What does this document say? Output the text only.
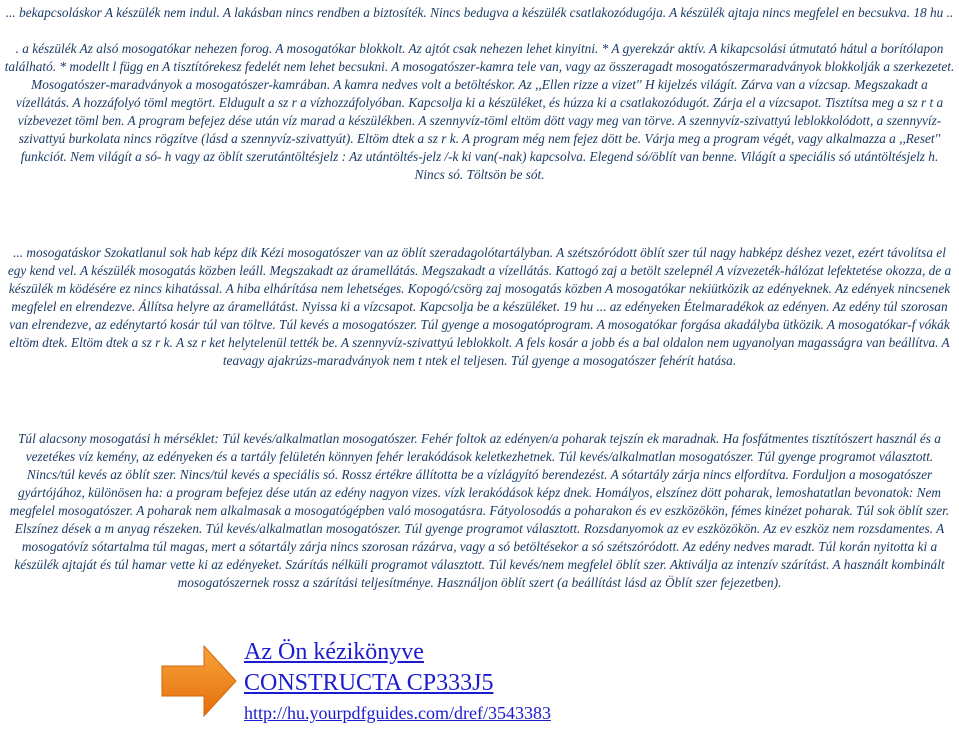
... bekapcsoláskor A készülék nem indul. A lakásban nincs rendben a biztosíték. Nincs bedugva a készülék csatlakozódugója. A készülék ajtaja nincs megfelel en becsukva. 18 hu ..

. a készülék Az alsó mosogatókar nehezen forog. A mosogatókar blokkolt. Az ajtót csak nehezen lehet kinyitni. * A gyerekzár aktív. A kikapcsolási útmutató hátul a borítólapon található. * modellt l függ en A tisztítórekesz fedelét nem lehet becsukni. A mosogatószer-kamra tele van, vagy az összeragadt mosogatószermaradványok blokkolják a szerkezetet. Mosogatószer-maradványok a mosogatószer-kamrában. A kamra nedves volt a betöltéskor. Az ,,Ellen rizze a vizet'' H kijelzés világít. Zárva van a vízcsap. Megszakadt a vízellátás. A hozzáfolyó töml megtört. Eldugult a sz r a vízhozzáfolyóban. Kapcsolja ki a készüléket, és húzza ki a csatlakozódugót. Zárja el a vízcsapot. Tisztítsa meg a sz r t a vízbevezet töml ben. A program befejez dése után víz marad a készülékben. A szennyvíz-töml eltöm dött vagy meg van törve. A szennyvíz-szivattyú leblokkolódott, a szennyvíz-szivattyú burkolata nincs rögzítve (lásd a szennyvíz-szivattyút). Eltöm dtek a sz r k. A program még nem fejez dött be. Várja meg a program végét, vagy alkalmazza a ,,Reset'' funkciót. Nem világít a só- h vagy az öblít szerutántöltésjelz : Az utántöltés-jelz /-k ki van(-nak) kapcsolva. Elegend só/öblít van benne. Világít a speciális só utántöltésjelz h. Nincs só. Töltsön be sót.

... mosogatáskor Szokatlanul sok hab képz dik Kézi mosogatószer van az öblít szeradagolótartályban. A szétszóródott öblít szer túl nagy habképz déshez vezet, ezért távolítsa el egy kend vel. A készülék mosogatás közben leáll. Megszakadt az áramellátás. Megszakadt a vízellátás. Kattogó zaj a betölt szelepnél A vízvezeték-hálózat lefektetése okozza, de a készülék m ködésére ez nincs kihatással. A hiba elhárítása nem lehetséges. Kopogó/csörg zaj mosogatás közben A mosogatókar nekiütközik az edényeknek. Az edények nincsenek megfelel en elrendezve. Állítsa helyre az áramellátást. Nyissa ki a vízcsapot. Kapcsolja be a készüléket. 19 hu ... az edényeken Ételmaradékok az edényen. Az edény túl szorosan van elrendezve, az edénytartó kosár túl van töltve. Túl kevés a mosogatószer. Túl gyenge a mosogatóprogram. A mosogatókar forgása akadályba ütközik. A mosogatókar-f vókák eltöm dtek. Eltöm dtek a sz r k. A sz r ket helytelenül tették be. A szennyvíz-szivattyú leblokkolt. A fels kosár a jobb és a bal oldalon nem ugyanolyan magasságra van beállítva. A teavagy ajakrúzs-maradványok nem t ntek el teljesen. Túl gyenge a mosogatószer fehérít hatása.

Túl alacsony mosogatási h mérséklet: Túl kevés/alkalmatlan mosogatószer. Fehér foltok az edényen/a poharak tejszín ek maradnak. Ha fosfátmentes tisztítószert használ és a vezetékes víz kemény, az edényeken és a tartály felületén könnyen fehér lerakódások keletkezhetnek. Túl kevés/alkalmatlan mosogatószer. Túl gyenge programot választott. Nincs/túl kevés az öblít szer. Nincs/túl kevés a speciális só. Rossz értékre állította be a vízlágyító berendezést. A sótartály zárja nincs elfordítva. Forduljon a mosogatószer gyártójához, különösen ha: a program befejez dése után az edény nagyon vizes. vízk lerakódások képz dnek. Homályos, elszínez dött poharak, lemoshatatlan bevonatok: Nem megfelel mosogatószer. A poharak nem alkalmasak a mosogatógépben való mosogatásra. Fátyolosodás a poharakon és ev eszközökön, fémes kinézet poharak. Túl sok öblít szer. Elszínez dések a m anyag részeken. Túl kevés/alkalmatlan mosogatószer. Túl gyenge programot választott. Rozsdanyomok az ev eszközökön. Az ev eszköz nem rozsdamentes. A mosogatóvíz sótartalma túl magas, mert a sótartály zárja nincs szorosan rázárva, vagy a só betöltésekor a só szétszóródott. Az edény nedves maradt. Túl korán nyitotta ki a készülék ajtaját és túl hamar vette ki az edényeket. Szárítás nélküli programot választott. Túl kevés/nem megfelel öblít szer. Aktiválja az intenzív szárítást. A használt kombinált mosogatószernek rossz a szárítási teljesítménye. Használjon öblít szert (a beállítást lásd az Öblít szer fejezetben).

Az Ön kézikönyve
CONSTRUCTA CP333J5
http://hu.yourpdfguides.com/dref/3543383
